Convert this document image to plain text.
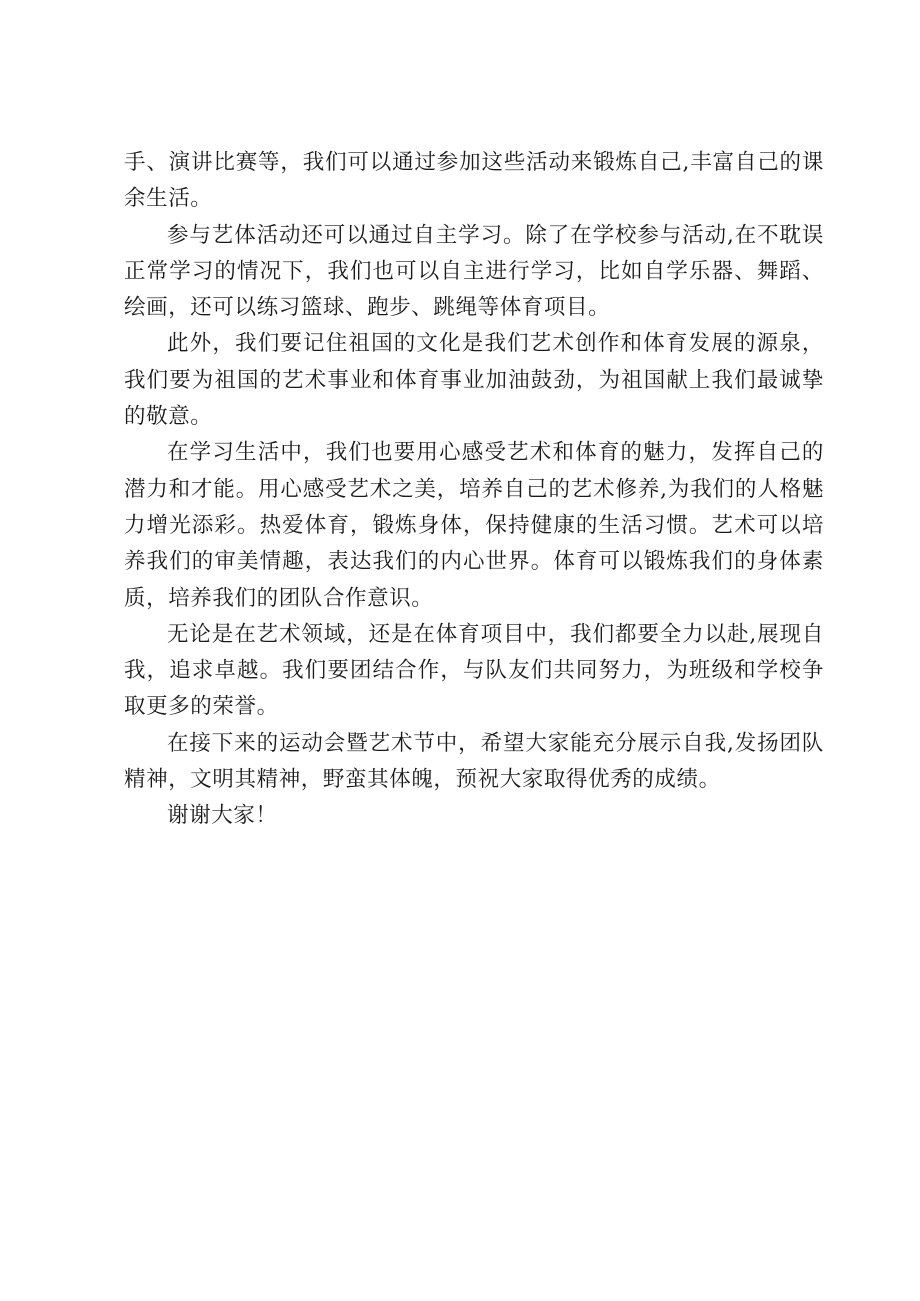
手、演讲比赛等，我们可以通过参加这些活动来锻炼自己,丰富自己的课余生活。

参与艺体活动还可以通过自主学习。除了在学校参与活动,在不耽误正常学习的情况下，我们也可以自主进行学习，比如自学乐器、舞蹈、绘画，还可以练习篮球、跑步、跳绳等体育项目。

此外，我们要记住祖国的文化是我们艺术创作和体育发展的源泉，我们要为祖国的艺术事业和体育事业加油鼓劲，为祖国献上我们最诚挚的敬意。

在学习生活中，我们也要用心感受艺术和体育的魅力，发挥自己的潜力和才能。用心感受艺术之美，培养自己的艺术修养,为我们的人格魅力增光添彩。热爱体育，锻炼身体，保持健康的生活习惯。艺术可以培养我们的审美情趣，表达我们的内心世界。体育可以锻炼我们的身体素质，培养我们的团队合作意识。

无论是在艺术领域，还是在体育项目中，我们都要全力以赴,展现自我，追求卓越。我们要团结合作，与队友们共同努力，为班级和学校争取更多的荣誉。

在接下来的运动会暨艺术节中，希望大家能充分展示自我,发扬团队精神，文明其精神，野蛮其体魄，预祝大家取得优秀的成绩。

谢谢大家！
